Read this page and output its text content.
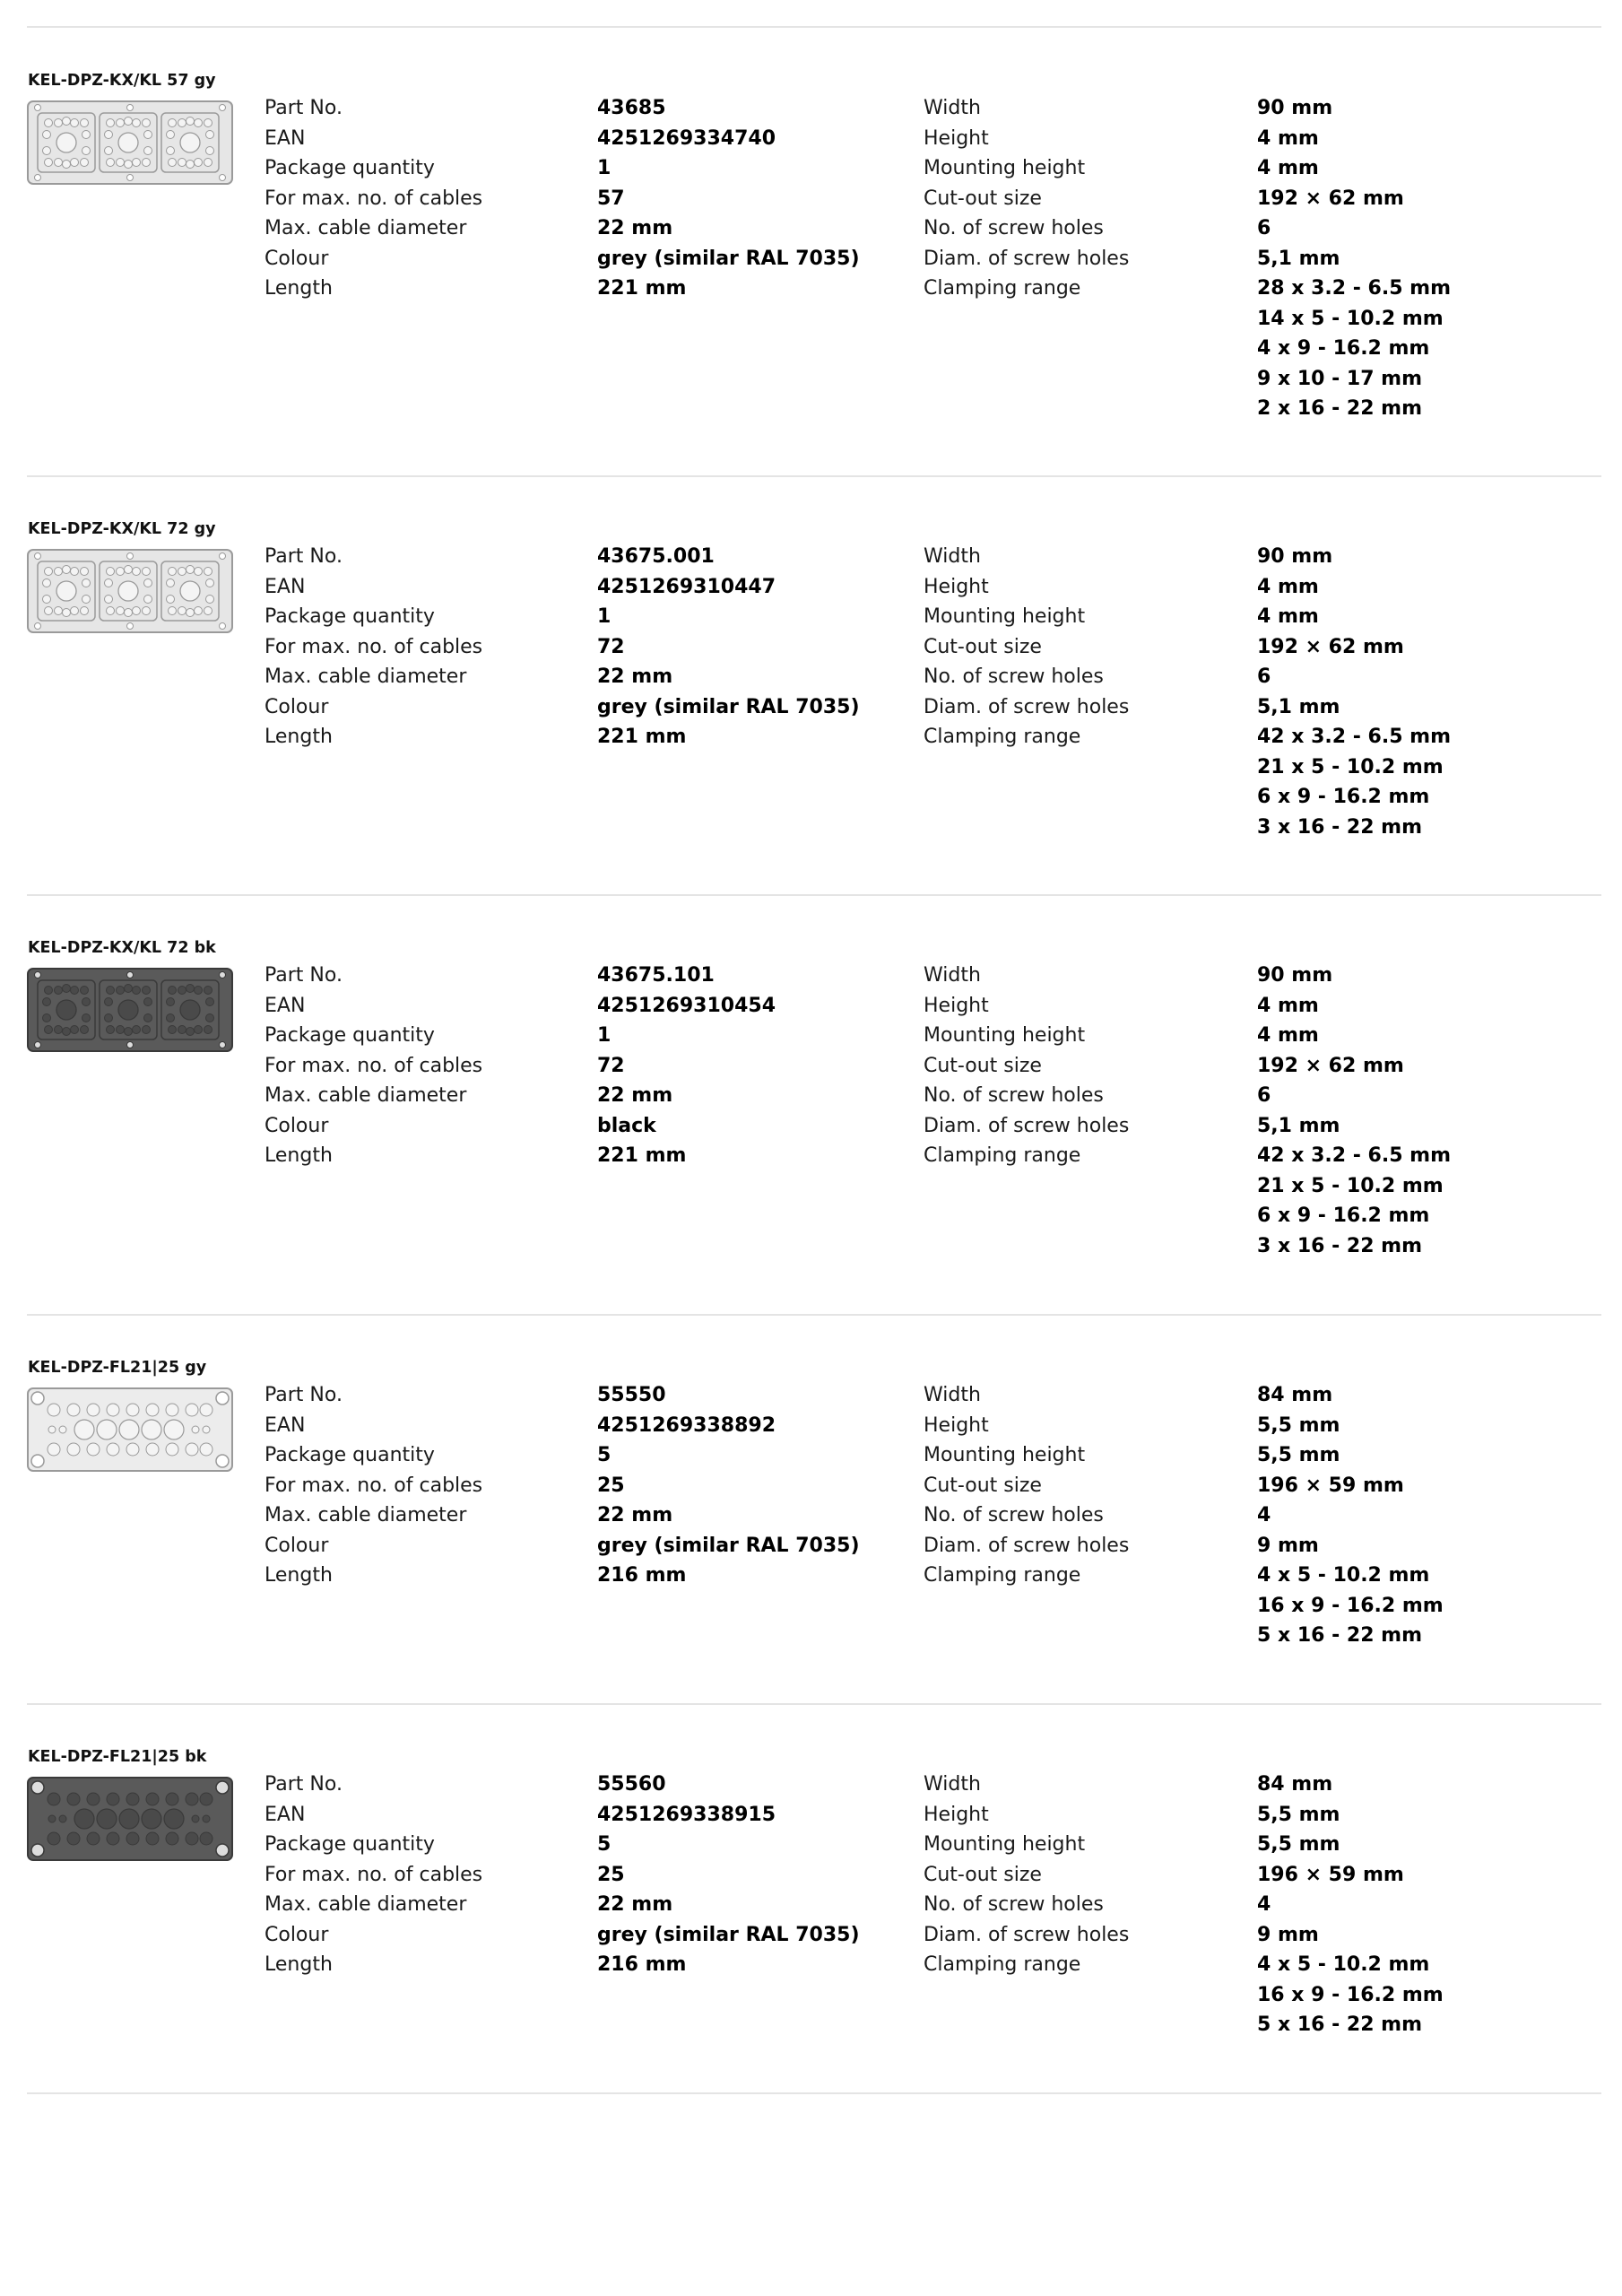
KEL-DPZ-KX/KL 57 gy
Part No.
EAN
Package quantity
For max. no. of cables
Max. cable diameter
Colour
Length
43685
4251269334740
1
57
22 mm
grey (similar RAL 7035)
221 mm
Width
Height
Mounting height
Cut-out size
No. of screw holes
Diam. of screw holes
Clamping range
90 mm
4 mm
4 mm
192 × 62 mm
6
5,1 mm
28 x 3.2 - 6.5 mm
14 x 5 - 10.2 mm
4 x 9 - 16.2 mm
9 x 10 - 17 mm
2 x 16 - 22 mm
KEL-DPZ-KX/KL 72 gy
Part No.
EAN
Package quantity
For max. no. of cables
Max. cable diameter
Colour
Length
43675.001
4251269310447
1
72
22 mm
grey (similar RAL 7035)
221 mm
Width
Height
Mounting height
Cut-out size
No. of screw holes
Diam. of screw holes
Clamping range
90 mm
4 mm
4 mm
192 × 62 mm
6
5,1 mm
42 x 3.2 - 6.5 mm
21 x 5 - 10.2 mm
6 x 9 - 16.2 mm
3 x 16 - 22 mm
KEL-DPZ-KX/KL 72 bk
Part No.
EAN
Package quantity
For max. no. of cables
Max. cable diameter
Colour
Length
43675.101
4251269310454
1
72
22 mm
black
221 mm
Width
Height
Mounting height
Cut-out size
No. of screw holes
Diam. of screw holes
Clamping range
90 mm
4 mm
4 mm
192 × 62 mm
6
5,1 mm
42 x 3.2 - 6.5 mm
21 x 5 - 10.2 mm
6 x 9 - 16.2 mm
3 x 16 - 22 mm
KEL-DPZ-FL21|25 gy
Part No.
EAN
Package quantity
For max. no. of cables
Max. cable diameter
Colour
Length
55550
4251269338892
5
25
22 mm
grey (similar RAL 7035)
216 mm
Width
Height
Mounting height
Cut-out size
No. of screw holes
Diam. of screw holes
Clamping range
84 mm
5,5 mm
5,5 mm
196 × 59 mm
4
9 mm
4 x 5 - 10.2 mm
16 x 9 - 16.2 mm
5 x 16 - 22 mm
KEL-DPZ-FL21|25 bk
Part No.
EAN
Package quantity
For max. no. of cables
Max. cable diameter
Colour
Length
55560
4251269338915
5
25
22 mm
grey (similar RAL 7035)
216 mm
Width
Height
Mounting height
Cut-out size
No. of screw holes
Diam. of screw holes
Clamping range
84 mm
5,5 mm
5,5 mm
196 × 59 mm
4
9 mm
4 x 5 - 10.2 mm
16 x 9 - 16.2 mm
5 x 16 - 22 mm
